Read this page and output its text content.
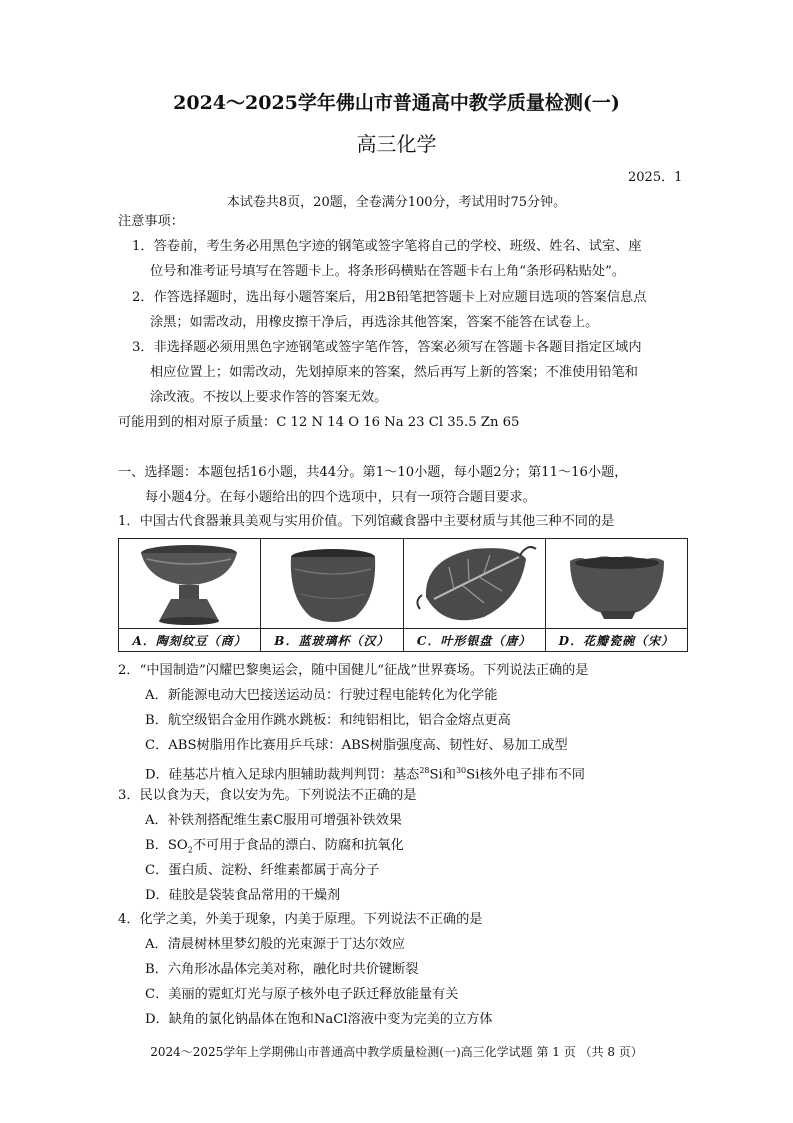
2024～2025学年佛山市普通高中教学质量检测(一)
高三化学
2025．1
本试卷共8页，20题，全卷满分100分，考试用时75分钟。
注意事项：
1．答卷前，考生务必用黑色字迹的钢笔或签字笔将自己的学校、班级、姓名、试室、座
位号和准考证号填写在答题卡上。将条形码横贴在答题卡右上角“条形码粘贴处”。
2．作答选择题时，选出每小题答案后，用2B铅笔把答题卡上对应题目选项的答案信息点
涂黑；如需改动，用橡皮擦干净后，再选涂其他答案，答案不能答在试卷上。
3．非选择题必须用黑色字迹钢笔或签字笔作答，答案必须写在答题卡各题目指定区域内
相应位置上；如需改动，先划掉原来的答案，然后再写上新的答案；不准使用铅笔和
涂改液。不按以上要求作答的答案无效。
可能用到的相对原子质量：C 12 N 14 O 16 Na 23 Cl 35.5 Zn 65
一、选择题：本题包括16小题，共44分。第1～10小题，每小题2分；第11～16小题，
每小题4分。在每小题给出的四个选项中，只有一项符合题目要求。
1．中国古代食器兼具美观与实用价值。下列馆藏食器中主要材质与其他三种不同的是
A．陶刻纹豆（商）	B．蓝玻璃杯（汉）	C．叶形银盘（唐）	D．花瓣瓷碗（宋）
2．“中国制造”闪耀巴黎奥运会，随中国健儿“征战”世界赛场。下列说法正确的是
A．新能源电动大巴接送运动员：行驶过程电能转化为化学能
B．航空级铝合金用作跳水跳板：和纯铝相比，铝合金熔点更高
C．ABS树脂用作比赛用乒乓球：ABS树脂强度高、韧性好、易加工成型
D．硅基芯片植入足球内胆辅助裁判判罚：基态$^{28}$Si和$^{30}$Si核外电子排布不同
3．民以食为天，食以安为先。下列说法不正确的是
A．补铁剂搭配维生素C服用可增强补铁效果
B．$SO_2$不可用于食品的漂白、防腐和抗氧化
C．蛋白质、淀粉、纤维素都属于高分子
D．硅胶是袋装食品常用的干燥剂
4．化学之美，外美于现象，内美于原理。下列说法不正确的是
A．清晨树林里梦幻般的光束源于丁达尔效应
B．六角形冰晶体完美对称，融化时共价键断裂
C．美丽的霓虹灯光与原子核外电子跃迁释放能量有关
D．缺角的氯化钠晶体在饱和NaCl溶液中变为完美的立方体
2024～2025学年上学期佛山市普通高中教学质量检测(一)高三化学试题 第 1 页 （共 8 页）
